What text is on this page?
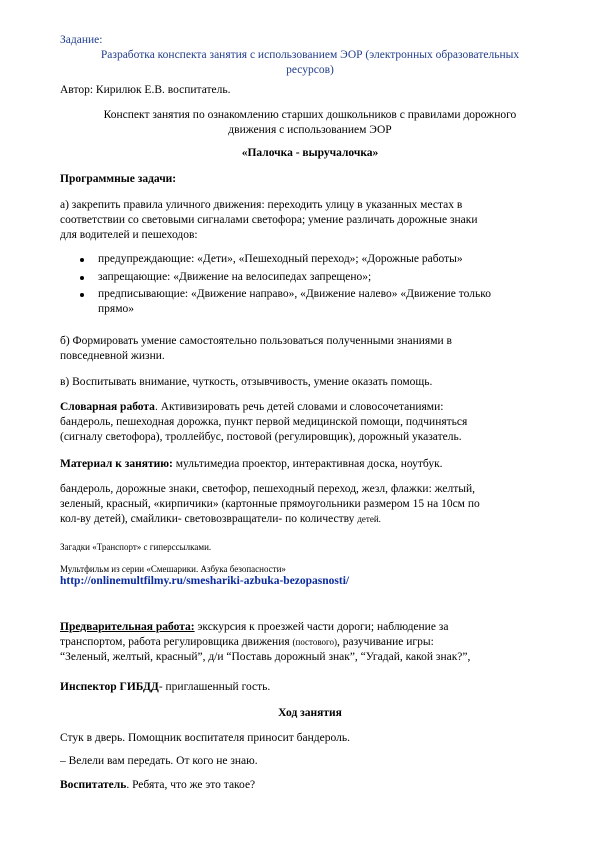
Задание:
Разработка конспекта занятия с использованием ЭОР (электронных образовательных
ресурсов)
Автор: Кирилюк Е.В. воспитатель.
Конспект занятия по ознакомлению старших дошкольников с правилами дорожного
движения с использованием ЭОР
«Палочка - выручалочка»
Программные задачи:
а) закрепить правила уличного движения: переходить улицу в указанных местах в
соответствии со световыми сигналами светофора; умение различать дорожные знаки
для водителей и пешеходов:
предупреждающие: «Дети», «Пешеходный переход»; «Дорожные работы»
запрещающие: «Движение на велосипедах запрещено»;
предписывающие: «Движение направо», «Движение налево» «Движение только
прямо»
б) Формировать умение самостоятельно пользоваться полученными знаниями в
повседневной жизни.
в) Воспитывать внимание, чуткость, отзывчивость, умение оказать помощь.
Словарная работа. Активизировать речь детей словами и словосочетаниями:
бандероль, пешеходная дорожка, пункт первой медицинской помощи, подчиняться
(сигналу светофора), троллейбус, постовой (регулировщик), дорожный указатель.
Материал к занятию: мультимедиа проектор, интерактивная доска, ноутбук.
бандероль, дорожные знаки, светофор, пешеходный переход, жезл, флажки: желтый,
зеленый, красный, «кирпичики» (картонные прямоугольники размером 15 на 10см по
кол-ву детей), смайлики- световозвращатели- по количеству детей.
Загадки «Транспорт» с гиперссылками.
Мультфильм из серии «Смешарики. Азбука безопасности»
http://onlinemultfilmy.ru/smeshariki-azbuka-bezopasnosti/
Предварительная работа: экскурсия к проезжей части дороги; наблюдение за
транспортом, работа регулировщика движения (постового), разучивание игры:
“Зеленый, желтый, красный”, д/и “Поставь дорожный знак”, “Угадай, какой знак?”,
Инспектор ГИБДД- приглашенный гость.
Ход занятия
Стук в дверь. Помощник воспитателя приносит бандероль.
– Велели вам передать. От кого не знаю.
Воспитатель. Ребята, что же это такое?
